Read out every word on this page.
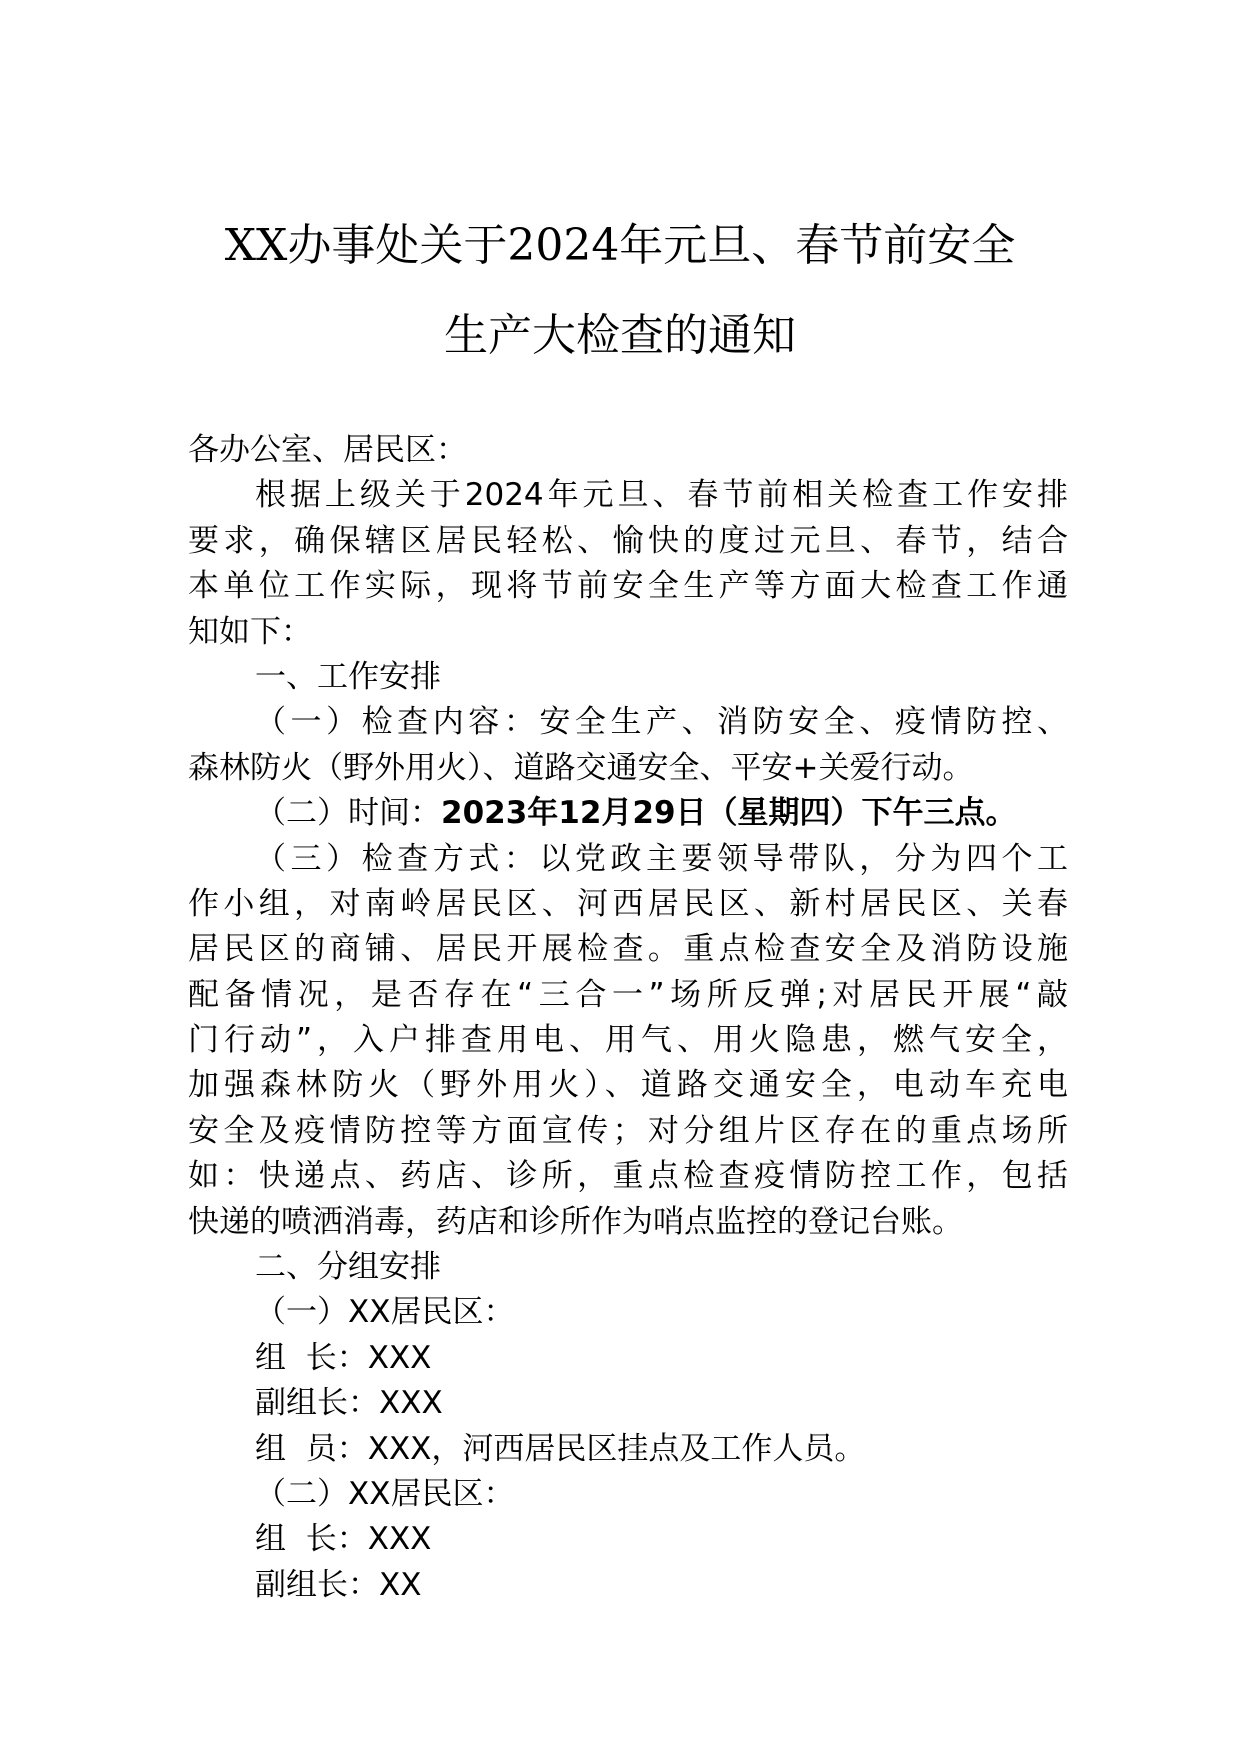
XX办事处关于2024年元旦、春节前安全
生产大检查的通知
各办公室、居民区：
根据上级关于2024年元旦、春节前相关检查工作安排
要求，确保辖区居民轻松、愉快的度过元旦、春节，结合
本单位工作实际，现将节前安全生产等方面大检查工作通
知如下：
一、工作安排
（一）检查内容：安全生产、消防安全、疫情防控、
森林防火（野外用火）、道路交通安全、平安+关爱行动。
（二）时间：2023年12月29日（星期四）下午三点。
（三）检查方式：以党政主要领导带队，分为四个工
作小组，对南岭居民区、河西居民区、新村居民区、关春
居民区的商铺、居民开展检查。重点检查安全及消防设施
配备情况，是否存在“三合一”场所反弹;对居民开展“敲
门行动”，入户排查用电、用气、用火隐患，燃气安全，
加强森林防火（野外用火）、道路交通安全，电动车充电
安全及疫情防控等方面宣传；对分组片区存在的重点场所
如：快递点、药店、诊所，重点检查疫情防控工作，包括
快递的喷洒消毒，药店和诊所作为哨点监控的登记台账。
二、分组安排
（一）XX居民区：
组  长：XXX
副组长：XXX
组  员：XXX，河西居民区挂点及工作人员。
（二）XX居民区：
组  长：XXX
副组长：XX
